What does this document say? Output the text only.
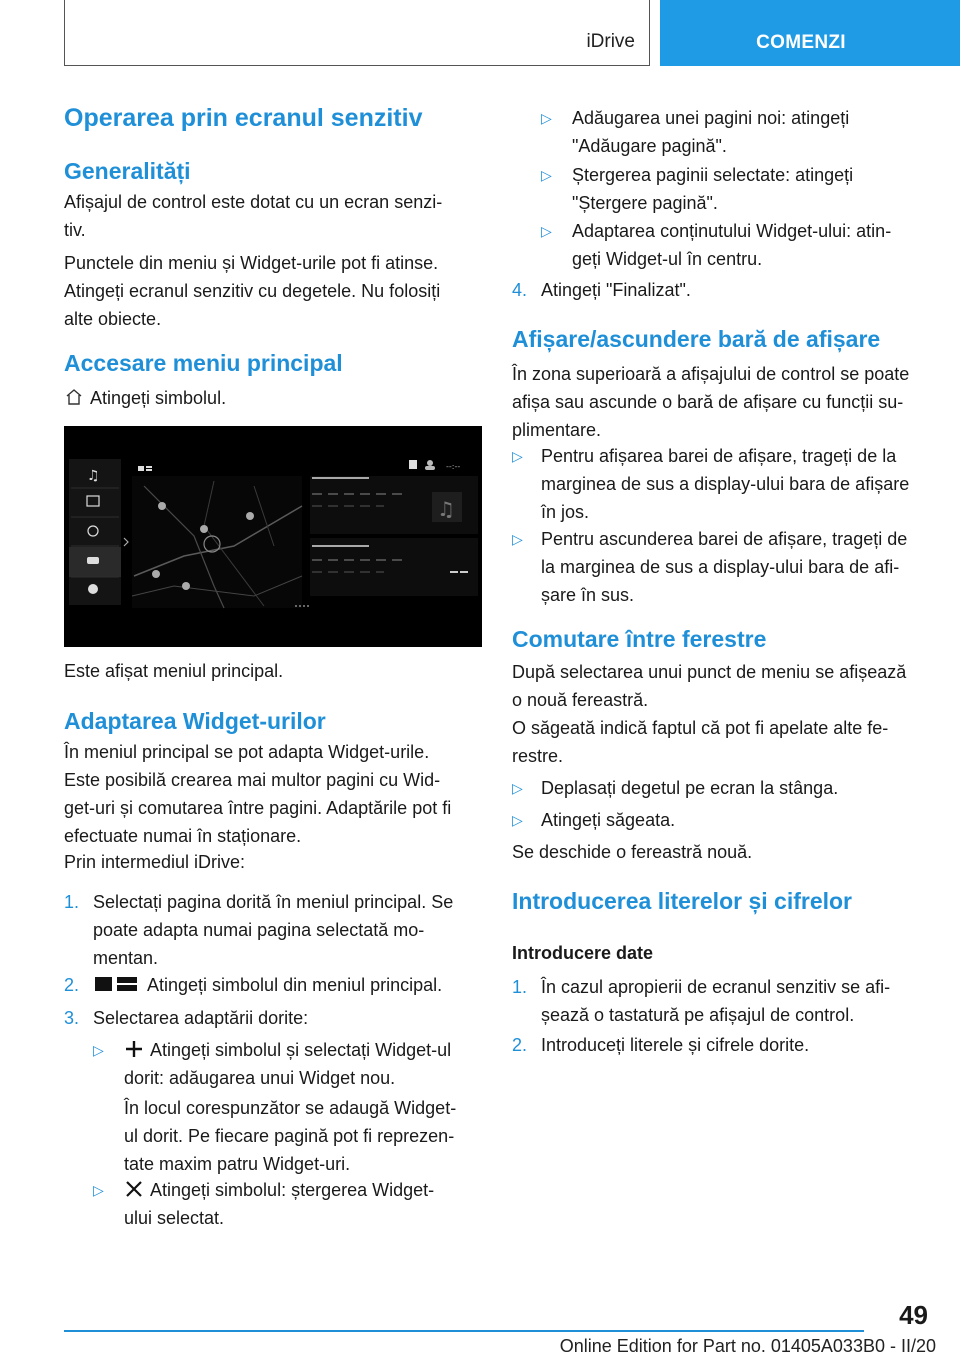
iDrive	COMENZI
Operarea prin ecranul senzitiv
Generalități
Afișajul de control este dotat cu un ecran senzi-
tiv.
Punctele din meniu și Widget-urile pot fi atinse.
Atingeți ecranul senzitiv cu degetele. Nu folosiți
alte obiecte.
Accesare meniu principal
Atingeți simbolul.
Este afișat meniul principal.
Adaptarea Widget-urilor
În meniul principal se pot adapta Widget-urile.
Este posibilă crearea mai multor pagini cu Wid-
get-uri și comutarea între pagini. Adaptările pot fi
efectuate numai în staționare.
Prin intermediul iDrive:
1. Selectați pagina dorită în meniul principal. Se
poate adapta numai pagina selectată mo-
mentan.
2.	Atingeți simbolul din meniul principal.
3. Selectarea adaptării dorite:
▷	Atingeți simbolul și selectați Widget-ul
dorit: adăugarea unui Widget nou.
În locul corespunzător se adaugă Widget-
ul dorit. Pe fiecare pagină pot fi reprezen-
tate maxim patru Widget-uri.
▷	Atingeți simbolul: ștergerea Widget-
ului selectat.
♫
--:--
♫
▷ Adăugarea unei pagini noi: atingeți
"Adăugare pagină".
▷ Ștergerea paginii selectate: atingeți
"Ștergere pagină".
▷ Adaptarea conținutului Widget-ului: atin-
geți Widget-ul în centru.
4. Atingeți "Finalizat".
Afișare/ascundere bară de afișare
În zona superioară a afișajului de control se poate
afișa sau ascunde o bară de afișare cu funcții su-
plimentare.
▷ Pentru afișarea barei de afișare, trageți de la
marginea de sus a display-ului bara de afișare
în jos.
▷ Pentru ascunderea barei de afișare, trageți de
la marginea de sus a display-ului bara de afi-
șare în sus.
Comutare între ferestre
După selectarea unui punct de meniu se afișează
o nouă fereastră.
O săgeată indică faptul că pot fi apelate alte fe-
restre.
▷ Deplasați degetul pe ecran la stânga.
▷ Atingeți săgeata.
Se deschide o fereastră nouă.
Introducerea literelor și cifrelor
Introducere date
1. În cazul apropierii de ecranul senzitiv se afi-
șează o tastatură pe afișajul de control.
2. Introduceți literele și cifrele dorite.
49
Online Edition for Part no. 01405A033B0 - II/20
